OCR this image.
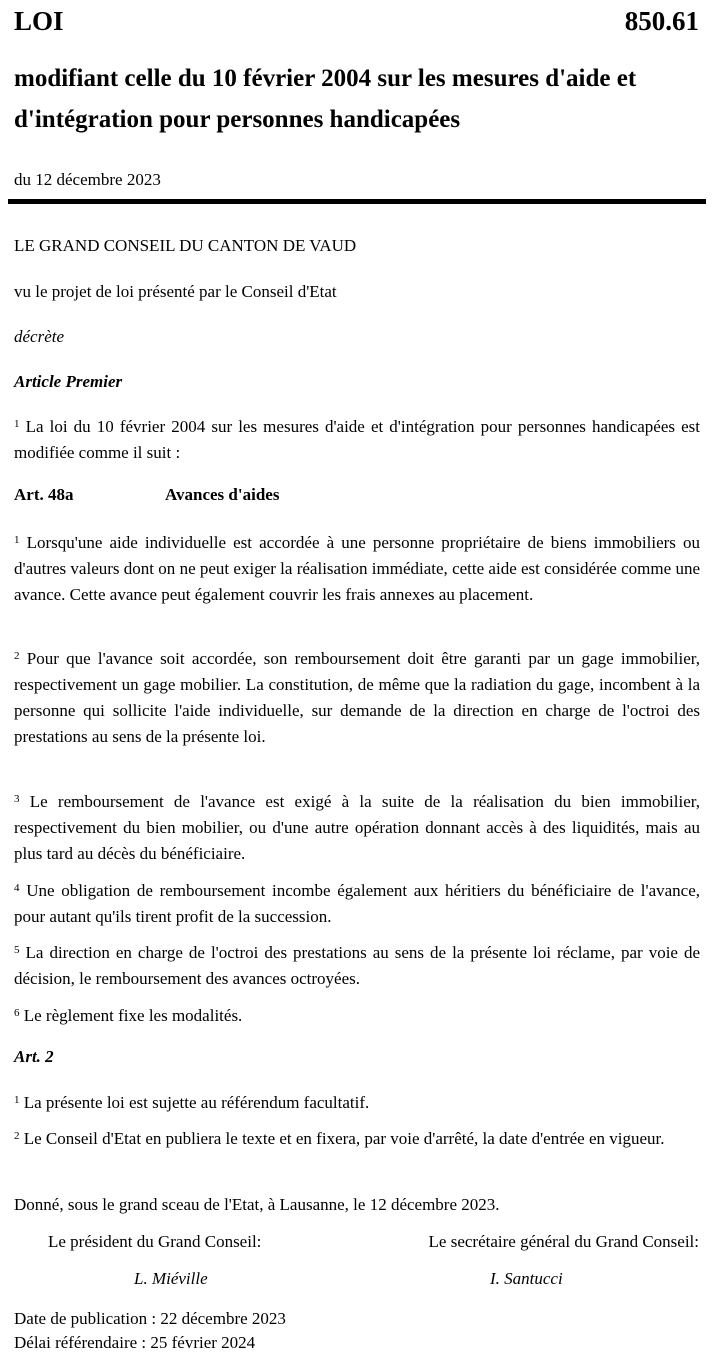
LOI	850.61
modifiant celle du 10 février 2004 sur les mesures d'aide et d'intégration pour personnes handicapées
du 12 décembre 2023
LE GRAND CONSEIL DU CANTON DE VAUD
vu le projet de loi présenté par le Conseil d'Etat
décrète
Article Premier
$^1$ La loi du 10 février 2004 sur les mesures d'aide et d'intégration pour personnes handicapées est modifiée comme il suit :
Art. 48a	Avances d'aides
$^1$ Lorsqu'une aide individuelle est accordée à une personne propriétaire de biens immobiliers ou d'autres valeurs dont on ne peut exiger la réalisation immédiate, cette aide est considérée comme une avance. Cette avance peut également couvrir les frais annexes au placement.
$^2$ Pour que l'avance soit accordée, son remboursement doit être garanti par un gage immobilier, respectivement un gage mobilier. La constitution, de même que la radiation du gage, incombent à la personne qui sollicite l'aide individuelle, sur demande de la direction en charge de l'octroi des prestations au sens de la présente loi.
$^3$ Le remboursement de l'avance est exigé à la suite de la réalisation du bien immobilier, respectivement du bien mobilier, ou d'une autre opération donnant accès à des liquidités, mais au plus tard au décès du bénéficiaire.
$^4$ Une obligation de remboursement incombe également aux héritiers du bénéficiaire de l'avance, pour autant qu'ils tirent profit de la succession.
$^5$ La direction en charge de l'octroi des prestations au sens de la présente loi réclame, par voie de décision, le remboursement des avances octroyées.
$^6$ Le règlement fixe les modalités.
Art. 2
$^1$ La présente loi est sujette au référendum facultatif.
$^2$ Le Conseil d'Etat en publiera le texte et en fixera, par voie d'arrêté, la date d'entrée en vigueur.
Donné, sous le grand sceau de l'Etat, à Lausanne, le 12 décembre 2023.
Le président du Grand Conseil:	Le secrétaire général du Grand Conseil:
L. Miéville	I. Santucci
Date de publication : 22 décembre 2023
Délai référendaire : 25 février 2024
